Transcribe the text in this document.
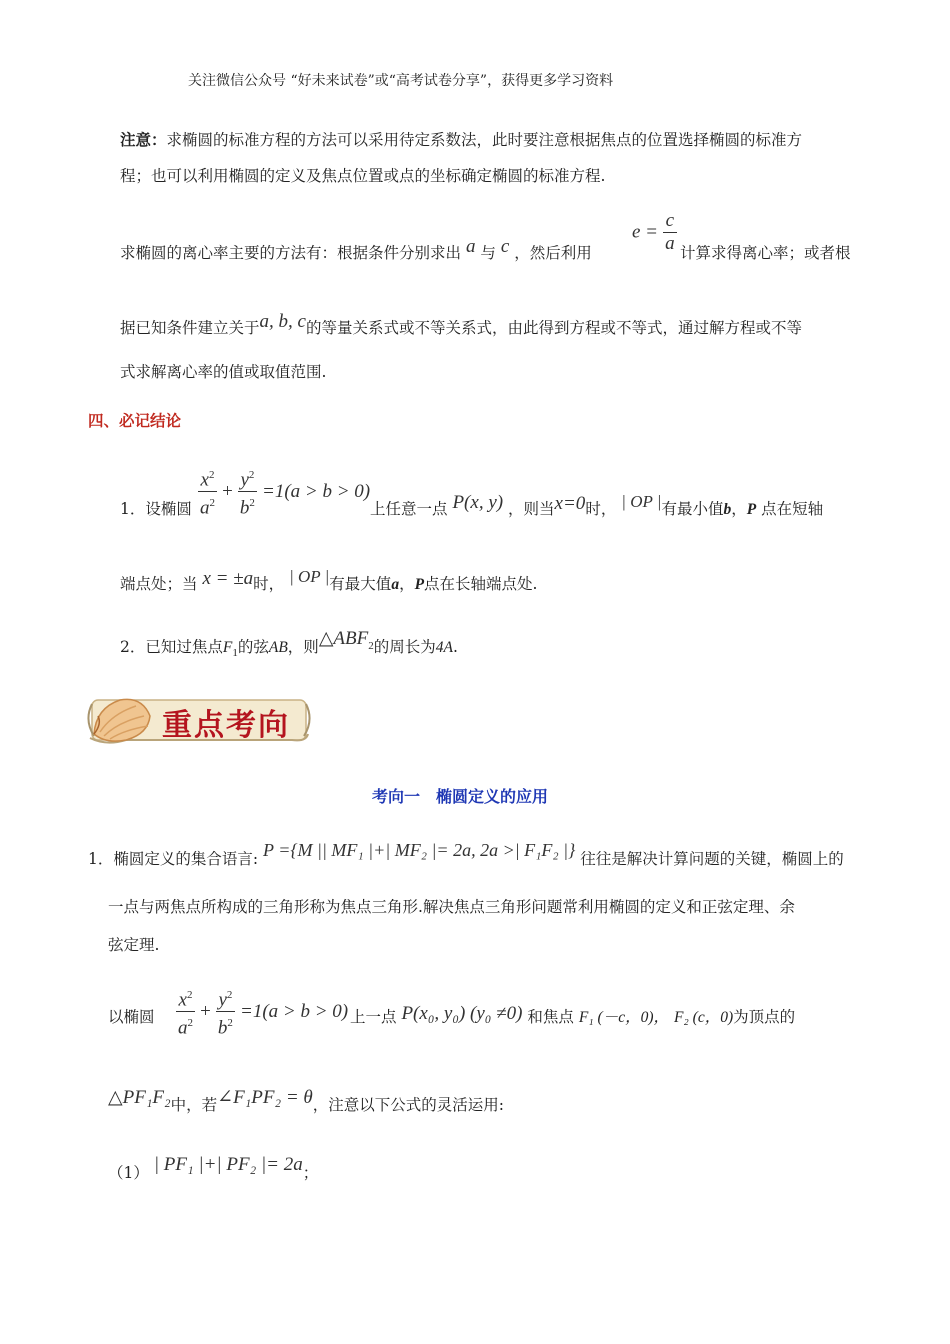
关注微信公众号 “好未来试卷”或“高考试卷分享”，获得更多学习资料
注意：求椭圆的标准方程的方法可以采用待定系数法，此时要注意根据焦点的位置选择椭圆的标准方
程；也可以利用椭圆的定义及焦点位置或点的坐标确定椭圆的标准方程.
求椭圆的离心率主要的方法有：根据条件分别求出 a 与 c ，然后利用
$e = \frac{c}{a}$ 计算求得离心率；或者根
据已知条件建立关于a, b, c的等量关系式或不等关系式，由此得到方程或不等式，通过解方程或不等
式求解离心率的值或取值范围.
四、必记结论
1．设椭圆 $\frac{x^2}{a^2} + \frac{y^2}{b^2} =1(a > b > 0)$
上任意一点 P(x, y) ，则当x=0时， | OP |有最小值b，P 点在短轴
端点处；当 x = ±a时， | OP |有最大值a，P点在长轴端点处.
2．已知过焦点$F_1$的弦AB，则$\triangle ABF_2$的周长为4A.
重点考向
考向一　椭圆定义的应用
1．椭圆定义的集合语言: P ={M || MF₁ |+| MF₂ |= 2a, 2a >| F₁F₂ |} 往往是解决计算问题的关键，椭圆上的
一点与两焦点所构成的三角形称为焦点三角形.解决焦点三角形问题常利用椭圆的定义和正弦定理、余
弦定理.
以椭圆 $\frac{x^2}{a^2} + \frac{y^2}{b^2} =1(a > b > 0)$ 上一点 P(x₀, y₀) (y₀ ≠0) 和焦点 F₁ (－c，0)， F₂ (c，0)为顶点的
△PF₁F₂中，若∠F₁PF₂ = θ，注意以下公式的灵活运用:
（1） | PF₁ |+| PF₂ |= 2a；
